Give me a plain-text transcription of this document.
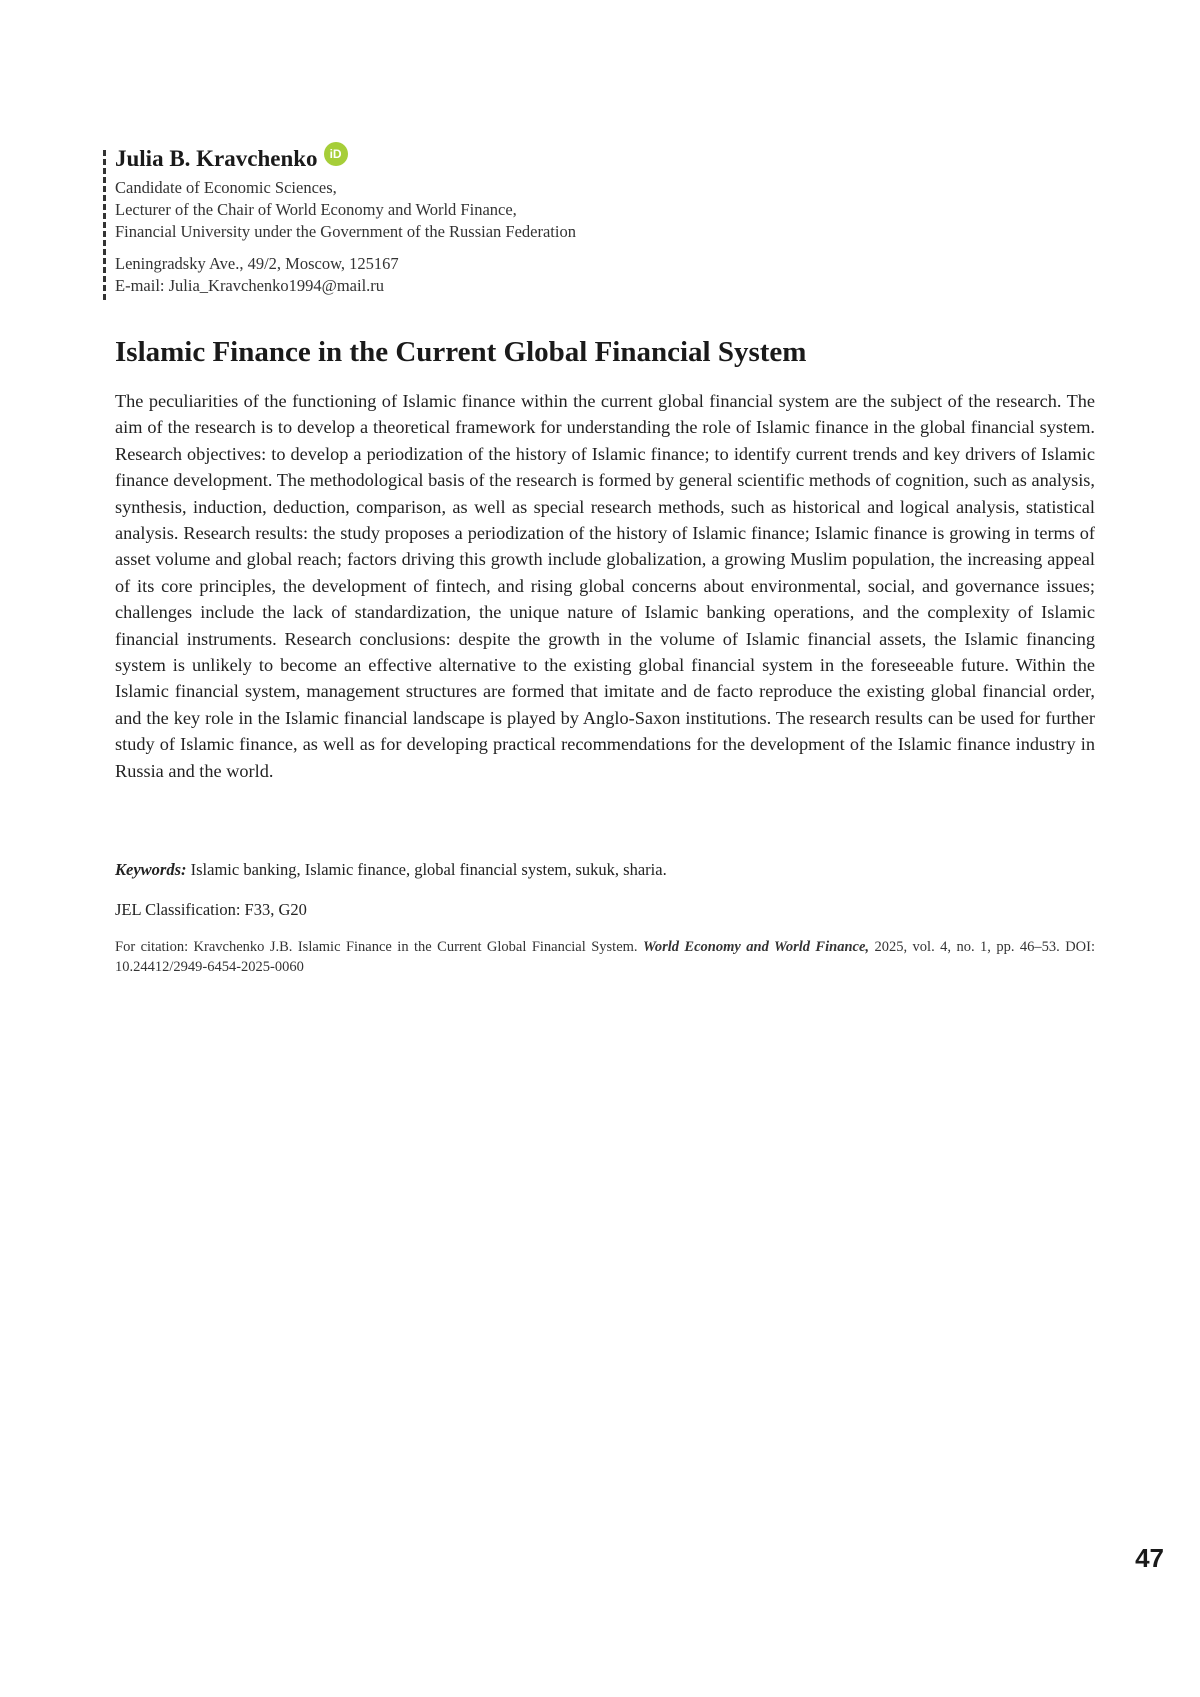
Julia B. Kravchenko	iD
Candidate of Economic Sciences,
Lecturer of the Chair of World Economy and World Finance,
Financial University under the Government of the Russian Federation
Leningradsky Ave., 49/2, Moscow, 125167
E-mail: Julia_Kravchenko1994@mail.ru
Islamic Finance in the Current Global Financial System

The peculiarities of the functioning of Islamic finance within the current global financial system are the subject of the research. The aim of the research is to develop a theoretical framework for understanding the role of Islamic finance in the global financial system. Research objectives: to develop a periodization of the history of Islamic finance; to identify current trends and key drivers of Islamic finance development. The methodological basis of the research is formed by general scientific methods of cognition, such as analysis, synthesis, induction, deduction, comparison, as well as special research methods, such as historical and logical analysis, statistical analysis. Research results: the study proposes a periodization of the history of Islamic finance; Islamic finance is growing in terms of asset volume and global reach; factors driving this growth include globalization, a growing Muslim population, the increasing appeal of its core principles, the development of fintech, and rising global concerns about environmental, social, and governance issues; challenges include the lack of standardization, the unique nature of Islamic banking operations, and the complexity of Islamic financial instruments. Research conclusions: despite the growth in the volume of Islamic financial assets, the Islamic financing system is unlikely to become an effective alternative to the existing global financial system in the foreseeable future. Within the Islamic financial system, management structures are formed that imitate and de facto reproduce the existing global financial order, and the key role in the Islamic financial landscape is played by Anglo-Saxon institutions. The research results can be used for further study of Islamic finance, as well as for developing practical recommendations for the development of the Islamic finance industry in Russia and the world.

Keywords: Islamic banking, Islamic finance, global financial system, sukuk, sharia.

JEL Classification: F33, G20

For citation: Kravchenko J.B. Islamic Finance in the Current Global Financial System. World Economy and World Finance, 2025, vol. 4, no. 1, pp. 46–53. DOI: 10.24412/2949-6454-2025-0060

47
